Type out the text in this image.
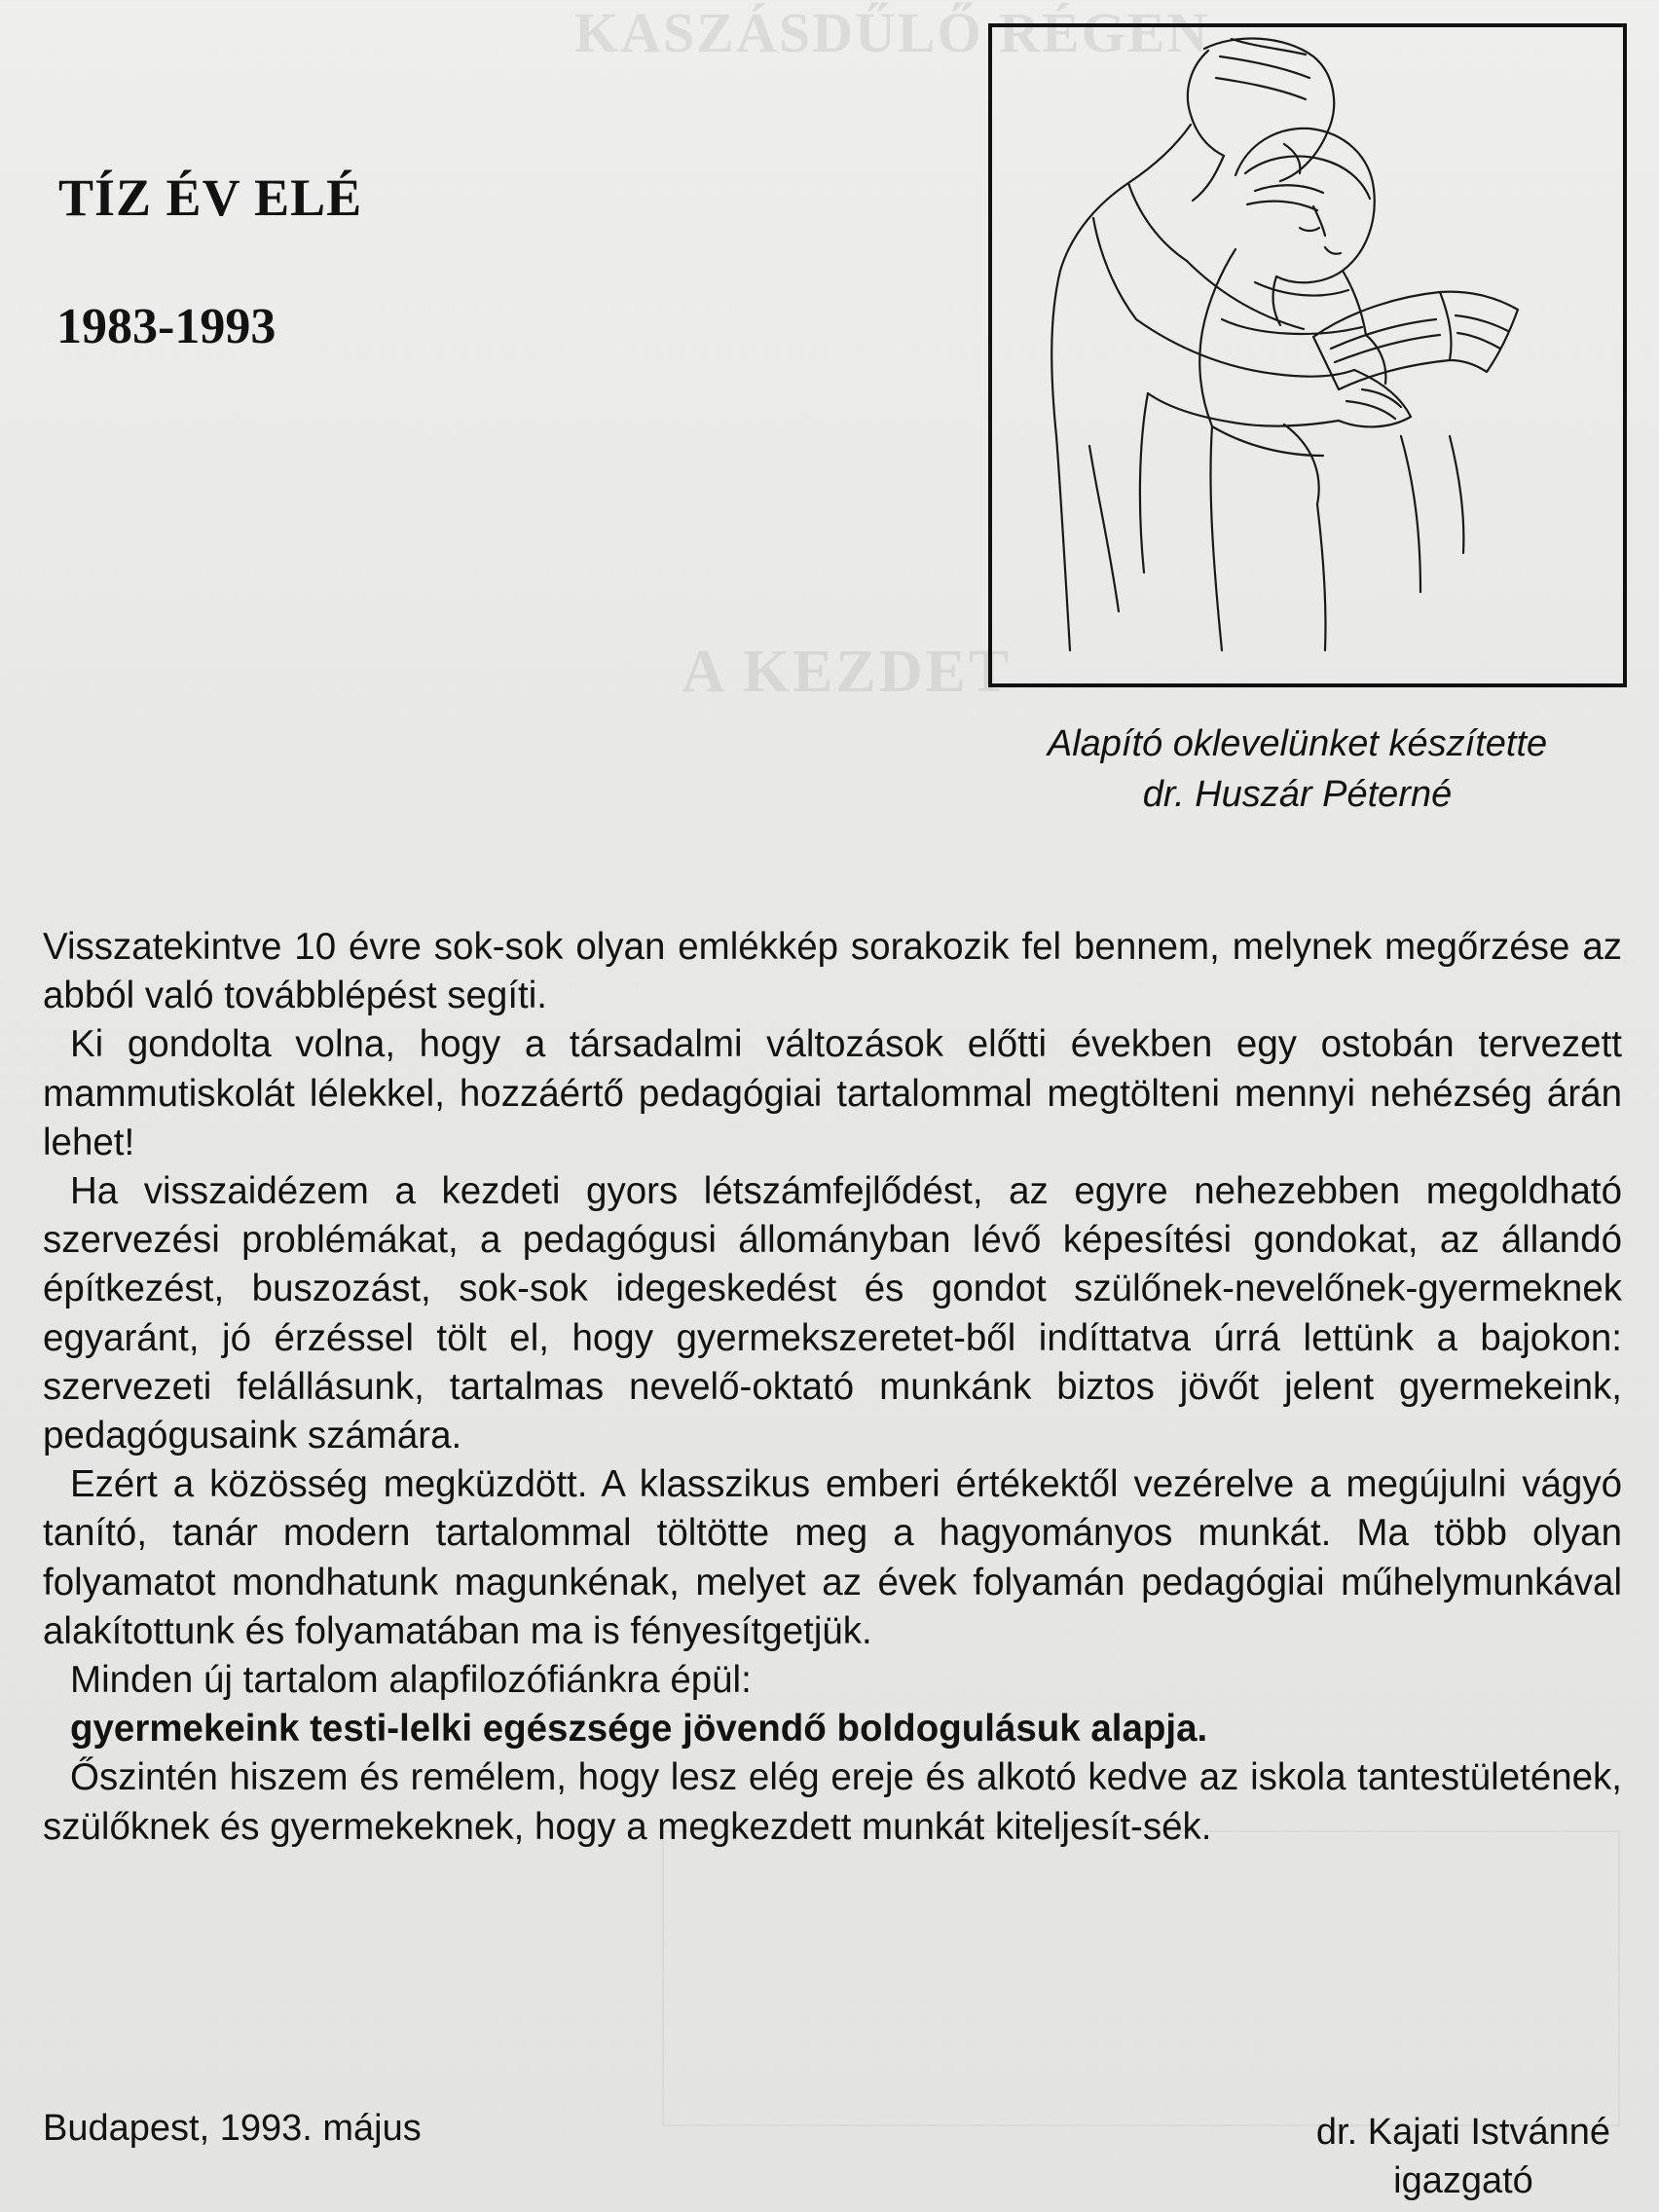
KASZÁSDŰLŐ RÉGEN
A KEZDET
TÍZ ÉV ELÉ
1983-1993
Alapító oklevelünket készítette
dr. Huszár Péterné

Visszatekintve 10 évre sok-sok olyan emlékkép sorakozik fel bennem, melynek megőrzése az abból való továbblépést segíti.

Ki gondolta volna, hogy a társadalmi változások előtti években egy ostobán tervezett mammutiskolát lélekkel, hozzáértő pedagógiai tartalommal megtölteni mennyi nehézség árán lehet!

Ha visszaidézem a kezdeti gyors létszámfejlődést, az egyre nehezebben megoldható szervezési problémákat, a pedagógusi állományban lévő képesítési gondokat, az állandó építkezést, buszozást, sok-sok idegeskedést és gondot szülőnek-nevelőnek-gyermeknek egyaránt, jó érzéssel tölt el, hogy gyermekszeretet-ből indíttatva úrrá lettünk a bajokon: szervezeti felállásunk, tartalmas nevelő-oktató munkánk biztos jövőt jelent gyermekeink, pedagógusaink számára.

Ezért a közösség megküzdött. A klasszikus emberi értékektől vezérelve a megújulni vágyó tanító, tanár modern tartalommal töltötte meg a hagyományos munkát. Ma több olyan folyamatot mondhatunk magunkénak, melyet az évek folyamán pedagógiai műhelymunkával alakítottunk és folyamatában ma is fényesítgetjük.

Minden új tartalom alapfilozófiánkra épül:

gyermekeink testi-lelki egészsége jövendő boldogulásuk alapja.

Őszintén hiszem és remélem, hogy lesz elég ereje és alkotó kedve az iskola tantestületének, szülőknek és gyermekeknek, hogy a megkezdett munkát kiteljesít-sék.

Budapest, 1993. május	dr. Kajati Istvánné
igazgató
